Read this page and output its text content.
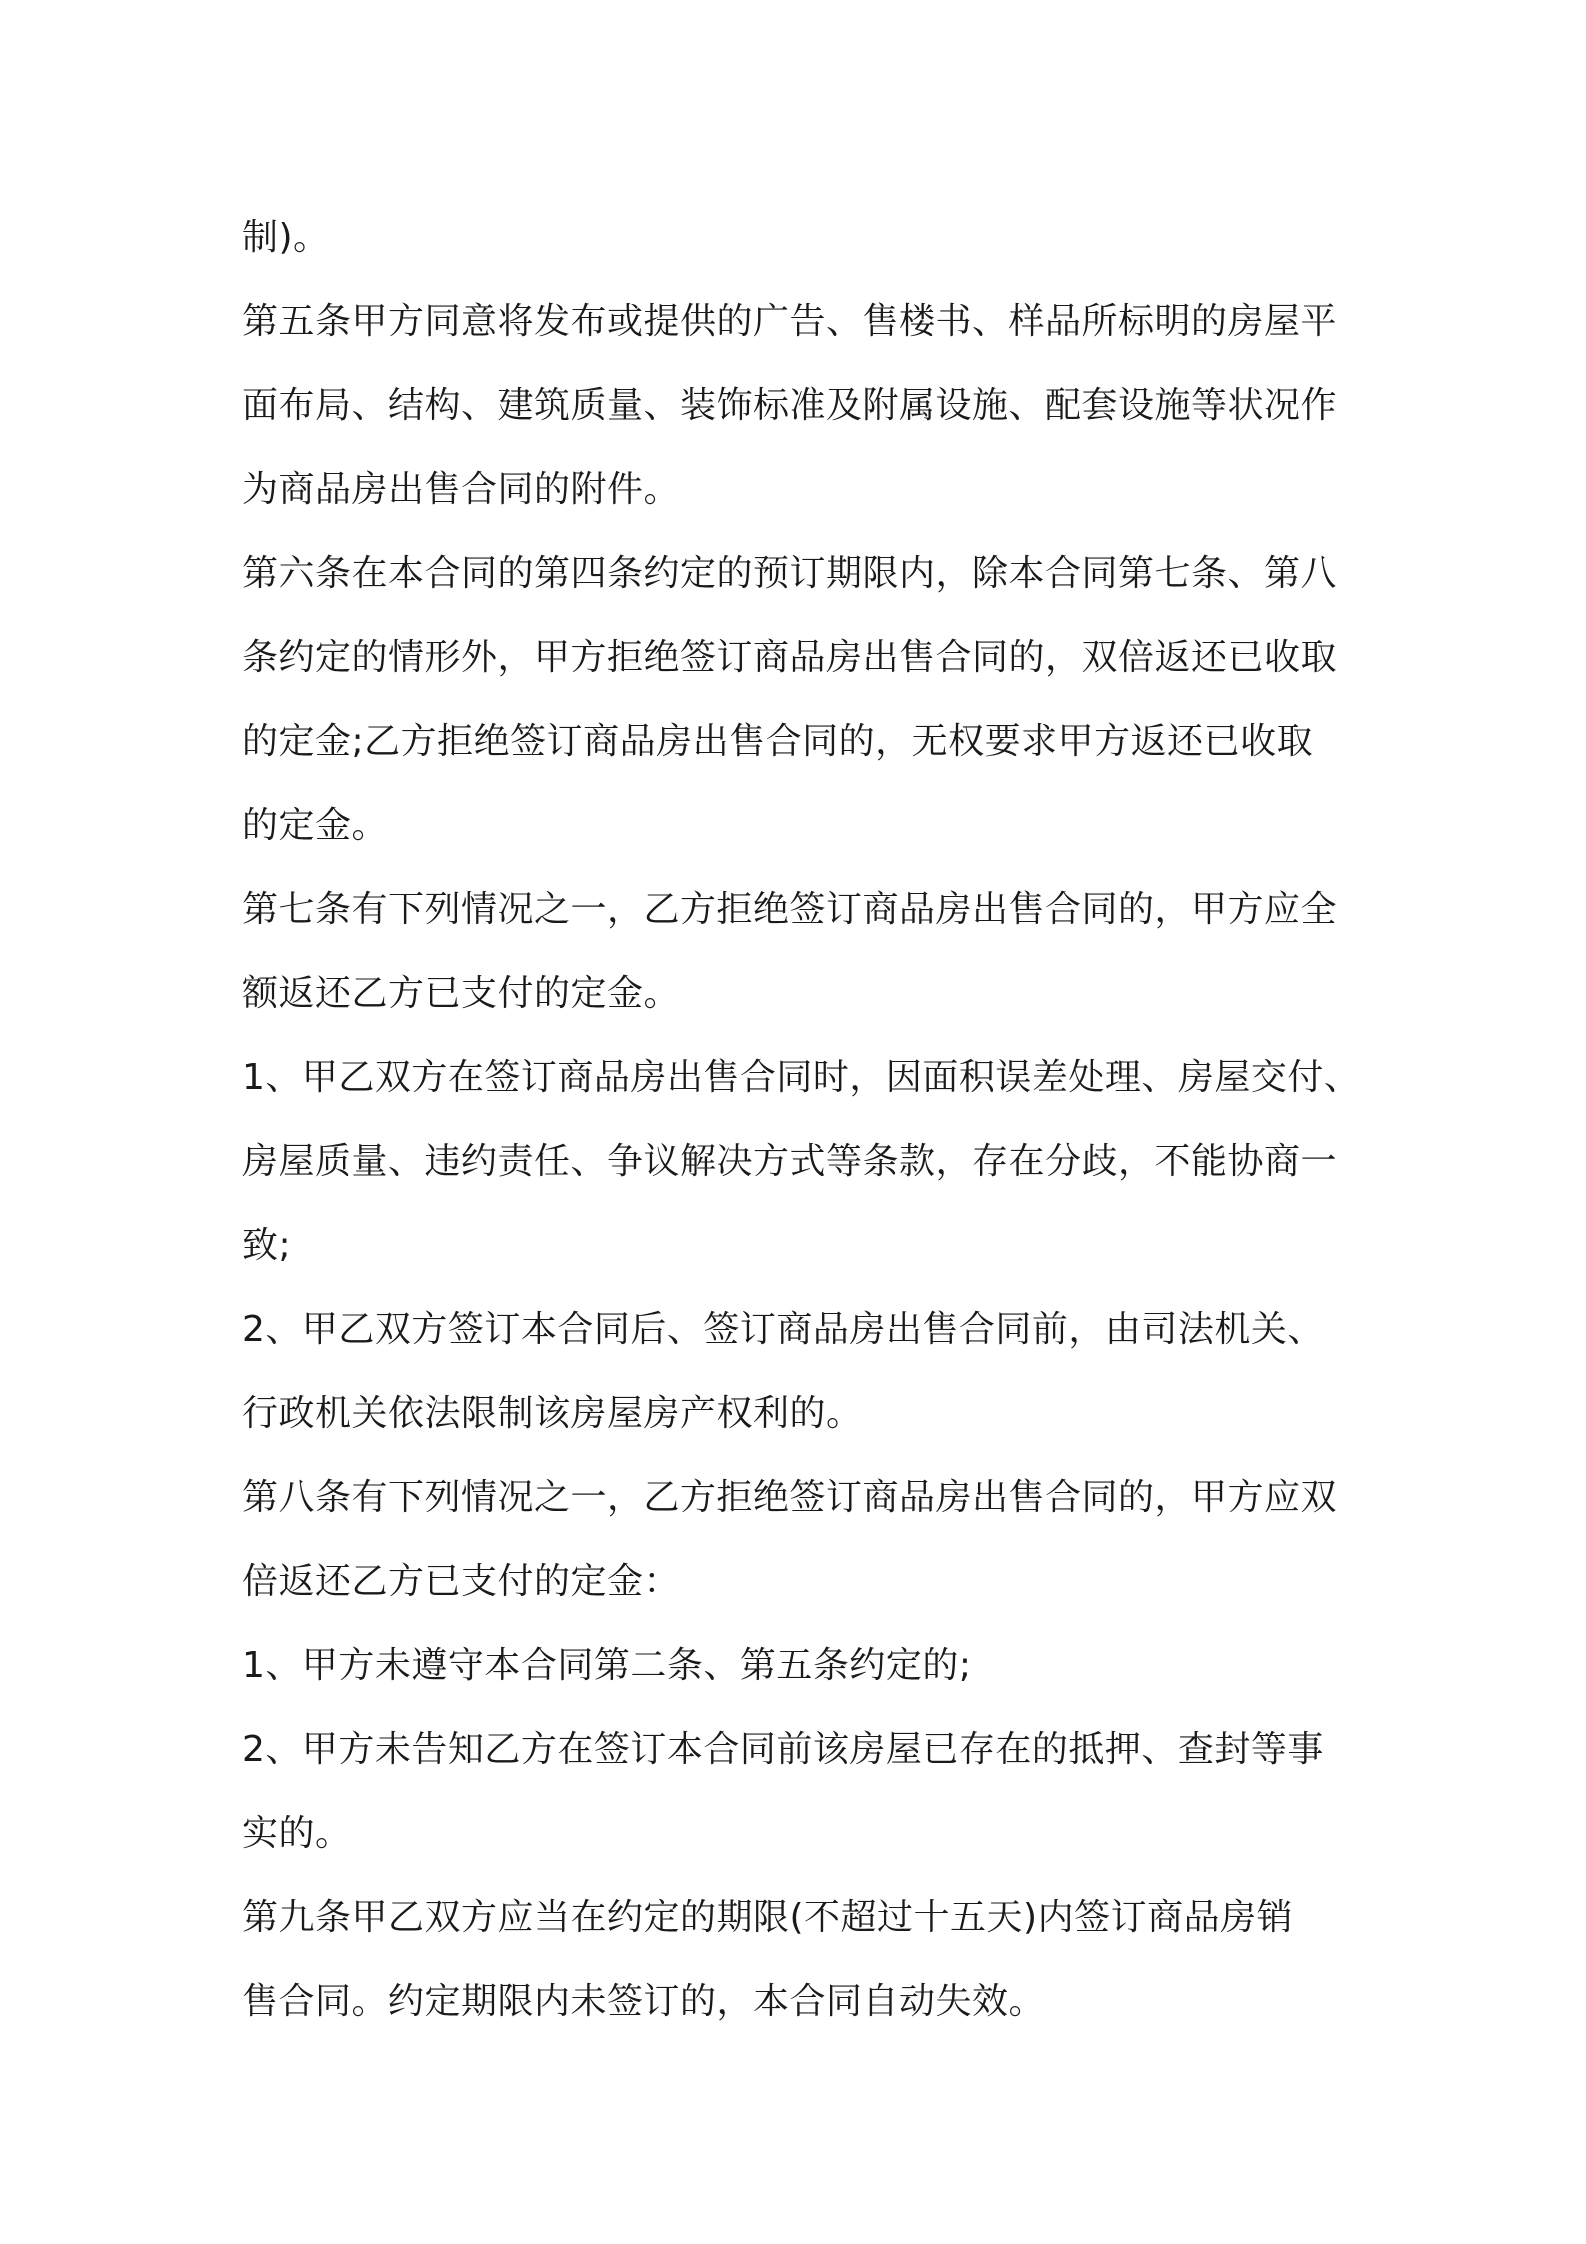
制)。
第五条甲方同意将发布或提供的广告、售楼书、样品所标明的房屋平
面布局、结构、建筑质量、装饰标准及附属设施、配套设施等状况作
为商品房出售合同的附件。
第六条在本合同的第四条约定的预订期限内，除本合同第七条、第八
条约定的情形外，甲方拒绝签订商品房出售合同的，双倍返还已收取
的定金;乙方拒绝签订商品房出售合同的，无权要求甲方返还已收取
的定金。
第七条有下列情况之一，乙方拒绝签订商品房出售合同的，甲方应全
额返还乙方已支付的定金。
1、甲乙双方在签订商品房出售合同时，因面积误差处理、房屋交付、
房屋质量、违约责任、争议解决方式等条款，存在分歧，不能协商一
致;
2、甲乙双方签订本合同后、签订商品房出售合同前，由司法机关、
行政机关依法限制该房屋房产权利的。
第八条有下列情况之一，乙方拒绝签订商品房出售合同的，甲方应双
倍返还乙方已支付的定金：
1、甲方未遵守本合同第二条、第五条约定的;
2、甲方未告知乙方在签订本合同前该房屋已存在的抵押、查封等事
实的。
第九条甲乙双方应当在约定的期限(不超过十五天)内签订商品房销
售合同。约定期限内未签订的，本合同自动失效。
